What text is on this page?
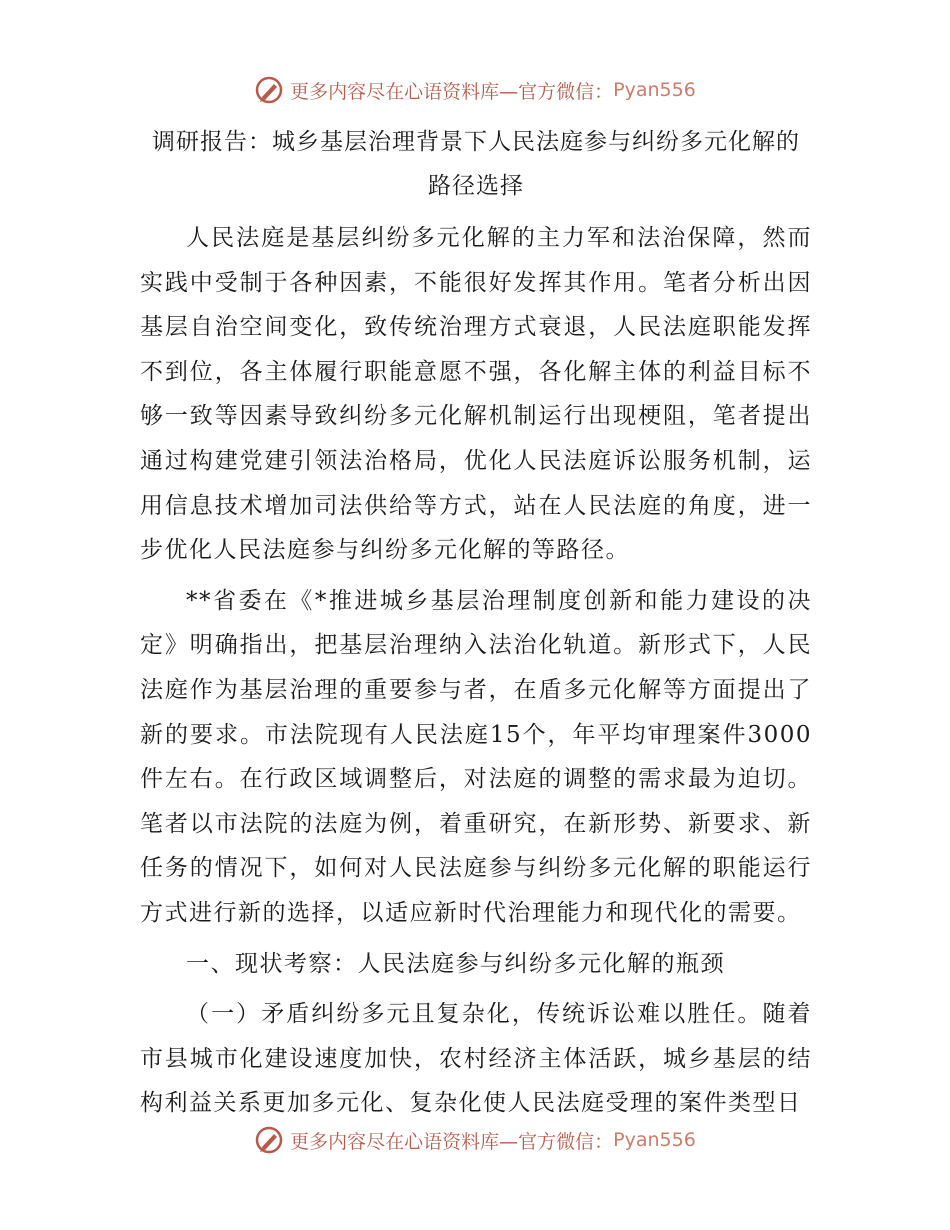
更多内容尽在心语资料库—官方微信： Pyan556
调研报告：城乡基层治理背景下人民法庭参与纠纷多元化解的
路径选择

人民法庭是基层纠纷多元化解的主力军和法治保障，然而实践中受制于各种因素，不能很好发挥其作用。笔者分析出因基层自治空间变化，致传统治理方式衰退，人民法庭职能发挥不到位，各主体履行职能意愿不强，各化解主体的利益目标不够一致等因素导致纠纷多元化解机制运行出现梗阻，笔者提出通过构建党建引领法治格局，优化人民法庭诉讼服务机制，运用信息技术增加司法供给等方式，站在人民法庭的角度，进一步优化人民法庭参与纠纷多元化解的等路径。

**省委在《*推进城乡基层治理制度创新和能力建设的决定》明确指出，把基层治理纳入法治化轨道。新形式下，人民法庭作为基层治理的重要参与者，在盾多元化解等方面提出了新的要求。市法院现有人民法庭15个，年平均审理案件3000件左右。在行政区域调整后，对法庭的调整的需求最为迫切。笔者以市法院的法庭为例，着重研究，在新形势、新要求、新任务的情况下，如何对人民法庭参与纠纷多元化解的职能运行方式进行新的选择，以适应新时代治理能力和现代化的需要。

一、现状考察：人民法庭参与纠纷多元化解的瓶颈

（一）矛盾纠纷多元且复杂化，传统诉讼难以胜任。随着市县城市化建设速度加快，农村经济主体活跃，城乡基层的结构利益关系更加多元化、复杂化使人民法庭受理的案件类型日

更多内容尽在心语资料库—官方微信： Pyan556
